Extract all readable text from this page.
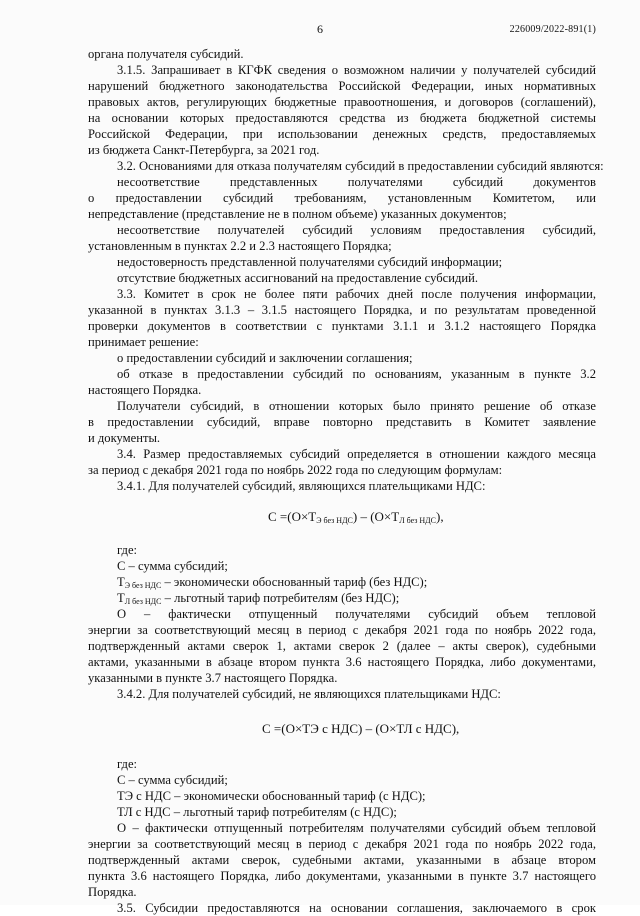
6	226009/2022-891(1)
органа получателя субсидий.
3.1.5. Запрашивает в КГФК сведения о возможном наличии у получателей субсидий
нарушений бюджетного законодательства Российской Федерации, иных нормативных
правовых актов, регулирующих бюджетные правоотношения, и договоров (соглашений),
на основании которых предоставляются средства из бюджета бюджетной системы
Российской Федерации, при использовании денежных средств, предоставляемых
из бюджета Санкт-Петербурга, за 2021 год.
3.2. Основаниями для отказа получателям субсидий в предоставлении субсидий являются:
несоответствие представленных получателями субсидий документов
о предоставлении субсидий требованиям, установленным Комитетом, или
непредставление (представление не в полном объеме) указанных документов;
несоответствие получателей субсидий условиям предоставления субсидий,
установленным в пунктах 2.2 и 2.3 настоящего Порядка;
недостоверность представленной получателями субсидий информации;
отсутствие бюджетных ассигнований на предоставление субсидий.
3.3. Комитет в срок не более пяти рабочих дней после получения информации,
указанной в пунктах 3.1.3 – 3.1.5 настоящего Порядка, и по результатам проведенной
проверки документов в соответствии с пунктами 3.1.1 и 3.1.2 настоящего Порядка
принимает решение:
о предоставлении субсидий и заключении соглашения;
об отказе в предоставлении субсидий по основаниям, указанным в пункте 3.2
настоящего Порядка.
Получатели субсидий, в отношении которых было принято решение об отказе
в предоставлении субсидий, вправе повторно представить в Комитет заявление
и документы.
3.4. Размер предоставляемых субсидий определяется в отношении каждого месяца
за период с декабря 2021 года по ноябрь 2022 года по следующим формулам:
3.4.1. Для получателей субсидий, являющихся плательщиками НДС:
$С =(О\times Т_{Э без НДС}) - (О\times Т_{Л без НДС})$,
где:
С – сумма субсидий;
$Т_{Э без НДС}$ – экономически обоснованный тариф (без НДС);
$Т_{Л без НДС}$ – льготный тариф потребителям (без НДС);
О – фактически отпущенный получателями субсидий объем тепловой
энергии за соответствующий месяц в период с декабря 2021 года по ноябрь 2022 года,
подтвержденный актами сверок 1, актами сверок 2 (далее – акты сверок), судебными
актами, указанными в абзаце втором пункта 3.6 настоящего Порядка, либо документами,
указанными в пункте 3.7 настоящего Порядка.
3.4.2. Для получателей субсидий, не являющихся плательщиками НДС:
С =(О×ТЭ с НДС) – (О×ТЛ с НДС),
где:
С – сумма субсидий;
ТЭ с НДС – экономически обоснованный тариф (с НДС);
ТЛ с НДС – льготный тариф потребителям (с НДС);
О – фактически отпущенный потребителям получателями субсидий объем тепловой
энергии за соответствующий месяц в период с декабря 2021 года по ноябрь 2022 года,
подтвержденный актами сверок, судебными актами, указанными в абзаце втором
пункта 3.6 настоящего Порядка, либо документами, указанными в пункте 3.7 настоящего
Порядка.
3.5. Субсидии предоставляются на основании соглашения, заключаемого в срок
